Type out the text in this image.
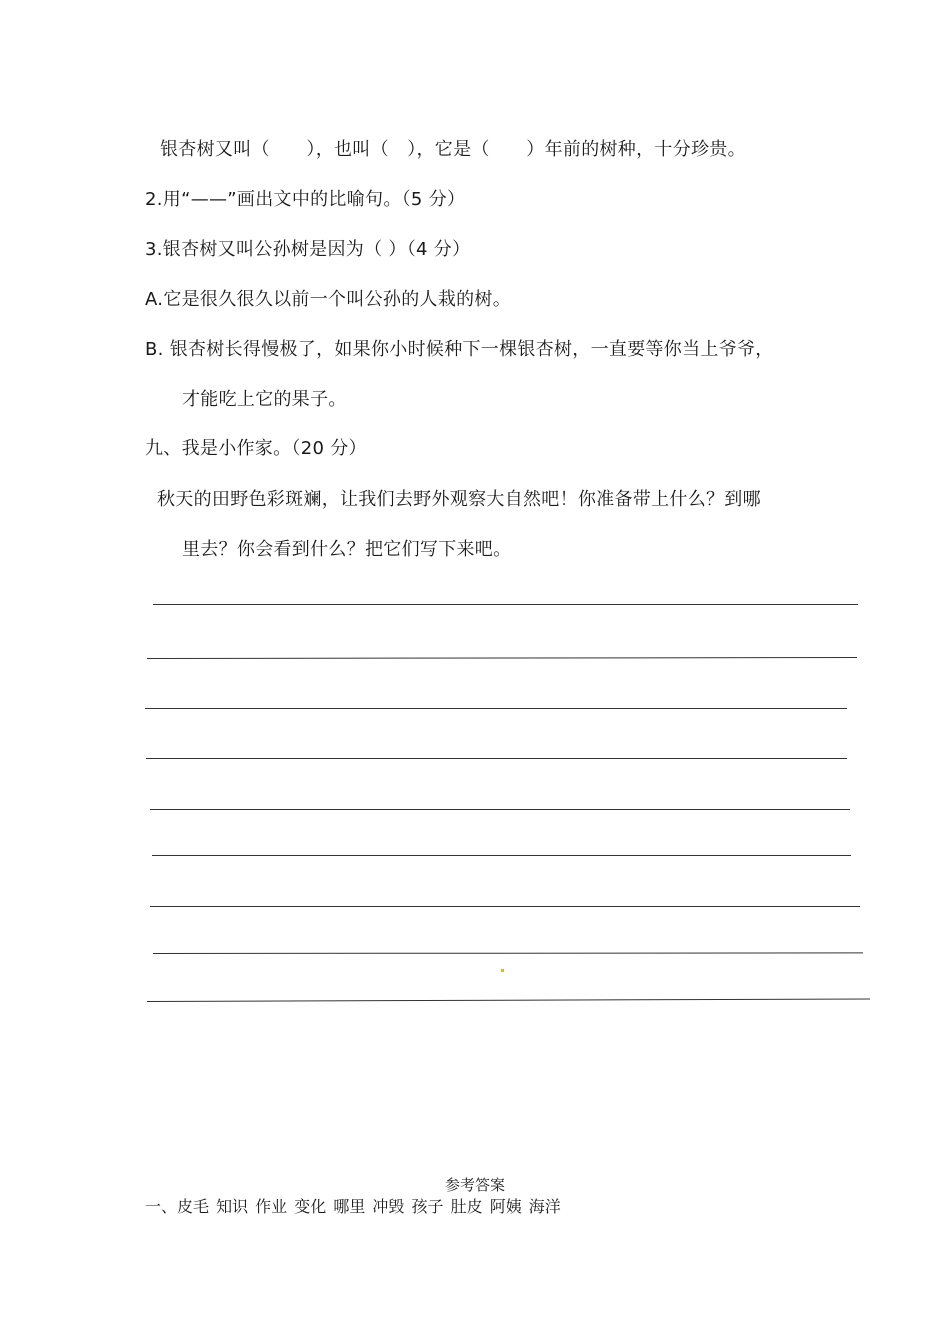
银杏树又叫（　　），也叫（　），它是（　　）年前的树种，十分珍贵。
2.用“——”画出文中的比喻句。（5 分）
3.银杏树又叫公孙树是因为（ ）（4 分）
A.它是很久很久以前一个叫公孙的人栽的树。
B. 银杏树长得慢极了，如果你小时候种下一棵银杏树，一直要等你当上爷爷，
才能吃上它的果子。
九、我是小作家。（20 分）
秋天的田野色彩斑斓，让我们去野外观察大自然吧！你准备带上什么？到哪
里去？你会看到什么？把它们写下来吧。
参考答案
一、皮毛 知识 作业 变化 哪里 冲毁 孩子 肚皮 阿姨 海洋
